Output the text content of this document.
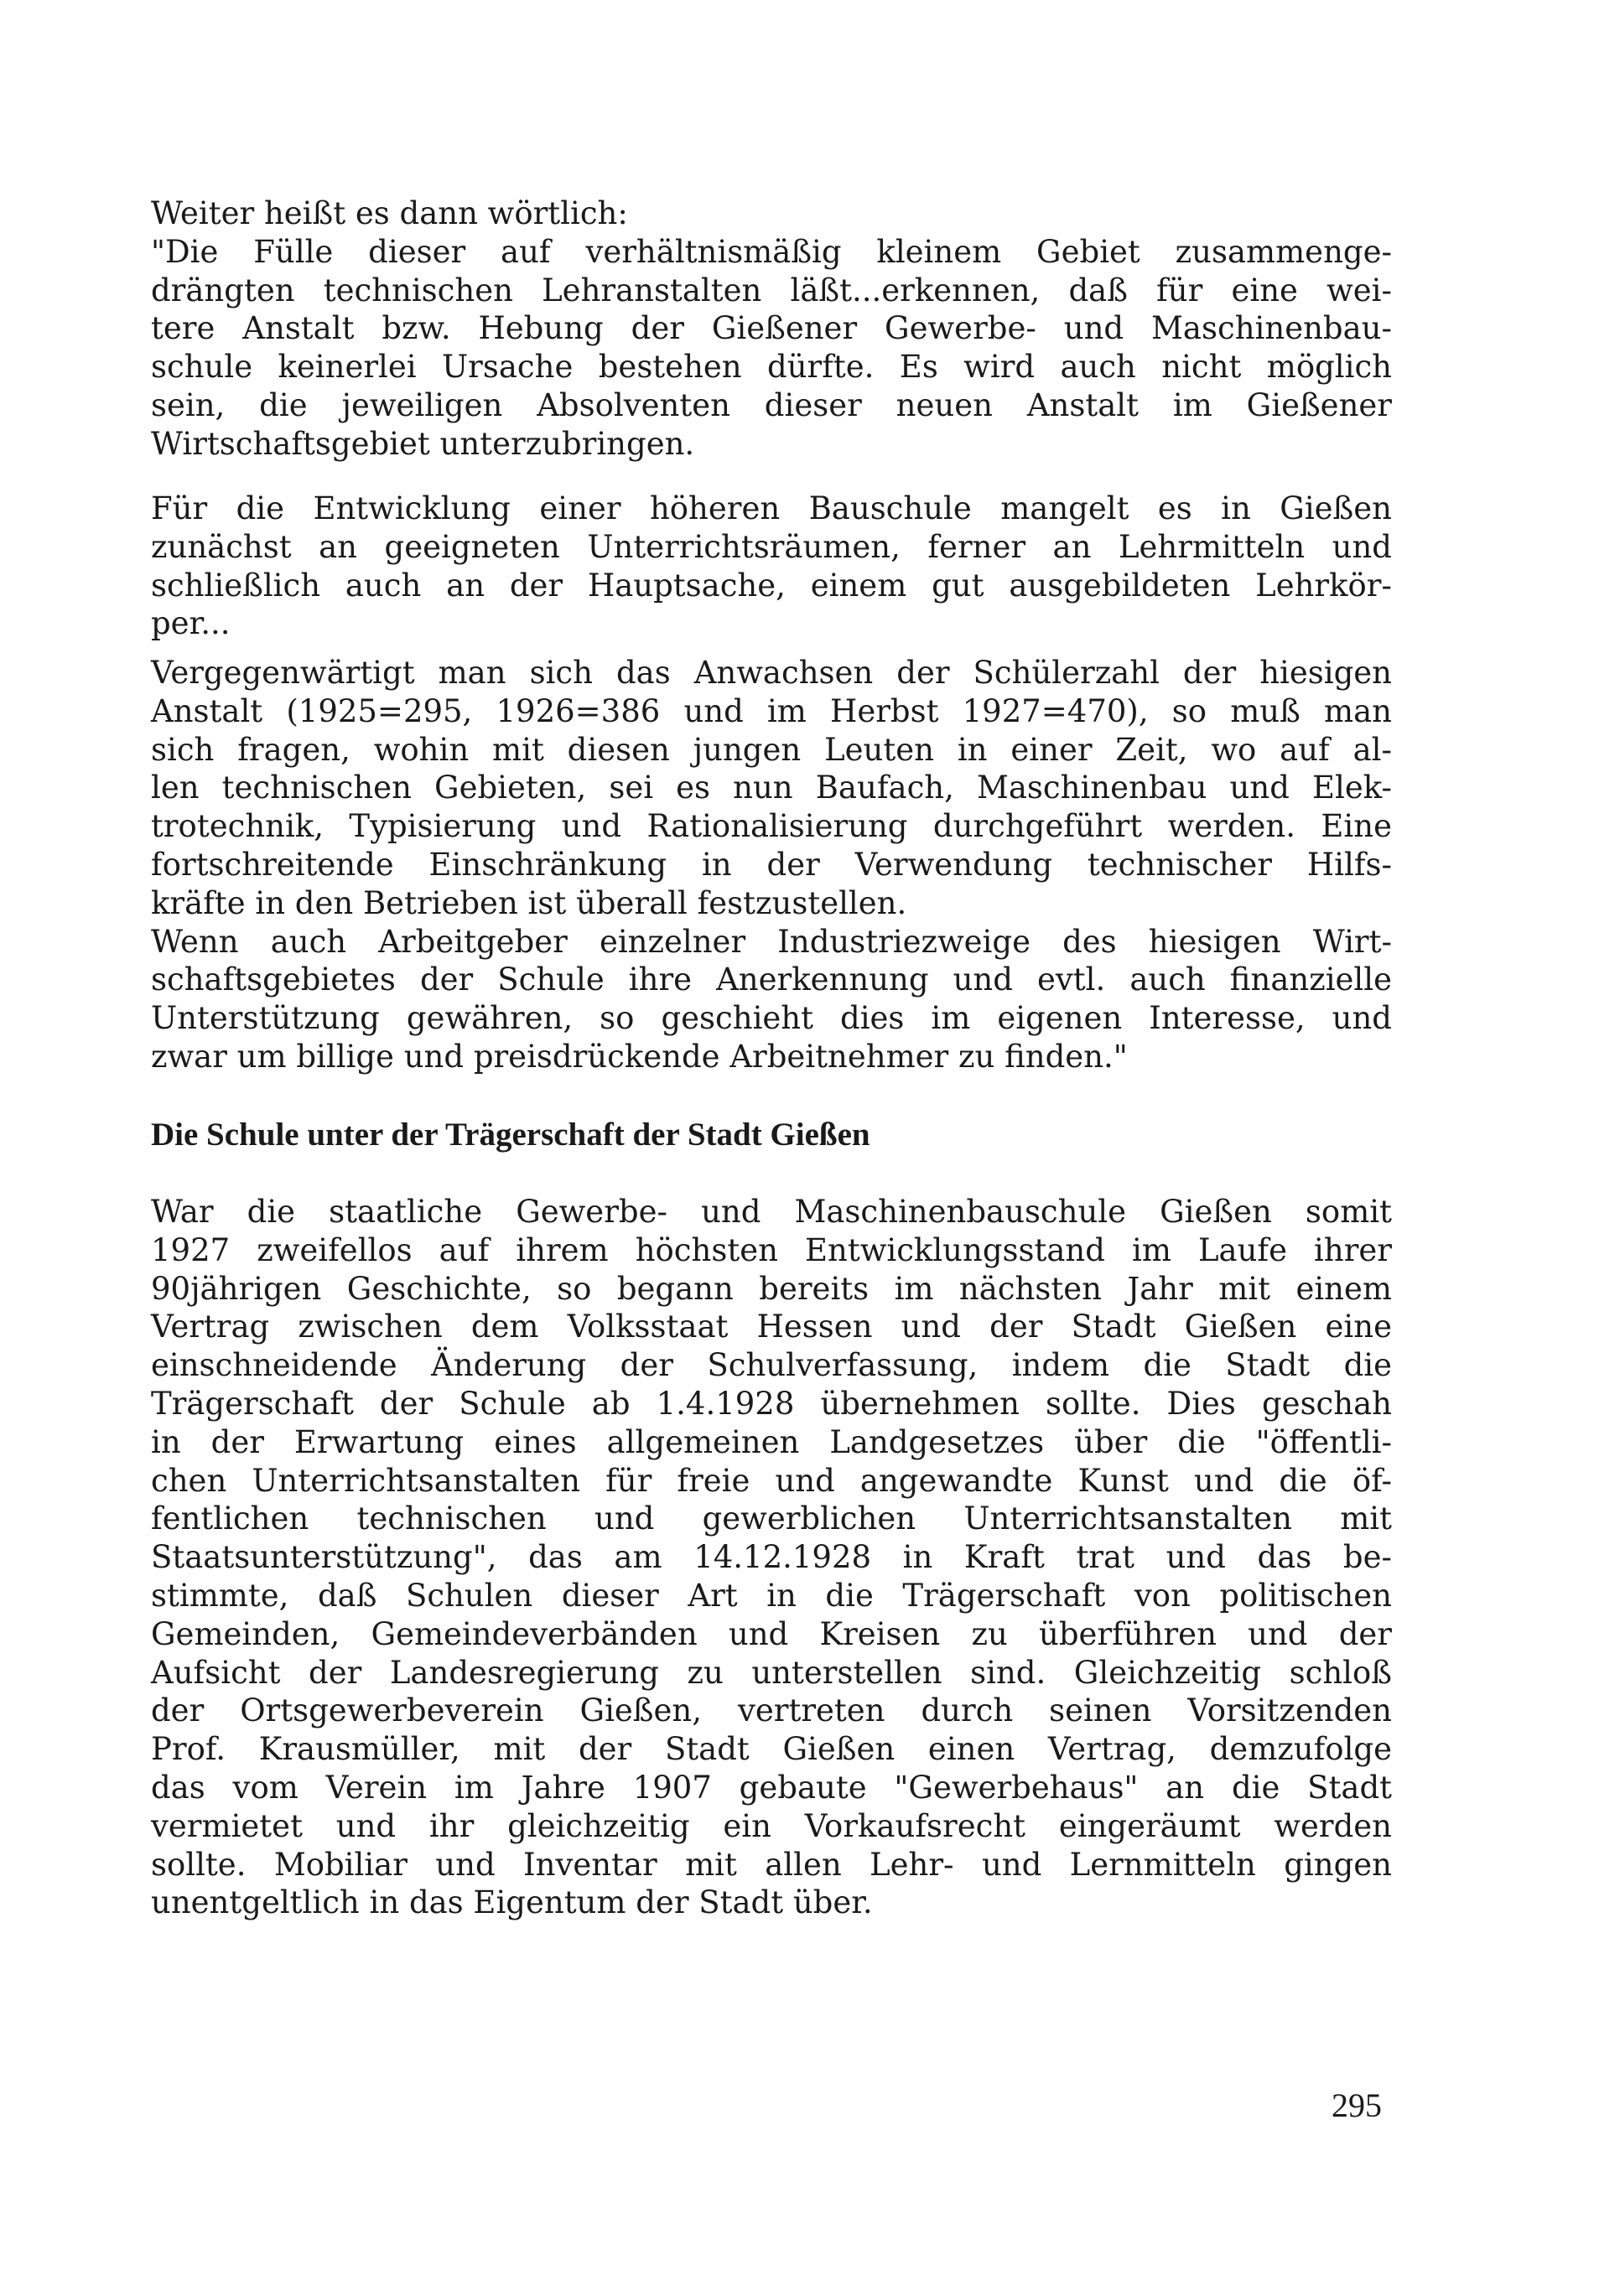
Weiter heißt es dann wörtlich:
"Die Fülle dieser auf verhältnismäßig kleinem Gebiet zusammenge-
drängten technischen Lehranstalten läßt...erkennen, daß für eine wei-
tere Anstalt bzw. Hebung der Gießener Gewerbe- und Maschinenbau-
schule keinerlei Ursache bestehen dürfte. Es wird auch nicht möglich
sein, die jeweiligen Absolventen dieser neuen Anstalt im Gießener
Wirtschaftsgebiet unterzubringen.
Für die Entwicklung einer höheren Bauschule mangelt es in Gießen
zunächst an geeigneten Unterrichtsräumen, ferner an Lehrmitteln und
schließlich auch an der Hauptsache, einem gut ausgebildeten Lehrkör-
per...
Vergegenwärtigt man sich das Anwachsen der Schülerzahl der hiesigen
Anstalt (1925=295, 1926=386 und im Herbst 1927=470), so muß man
sich fragen, wohin mit diesen jungen Leuten in einer Zeit, wo auf al-
len technischen Gebieten, sei es nun Baufach, Maschinenbau und Elek-
trotechnik, Typisierung und Rationalisierung durchgeführt werden. Eine
fortschreitende Einschränkung in der Verwendung technischer Hilfs-
kräfte in den Betrieben ist überall festzustellen.
Wenn auch Arbeitgeber einzelner Industriezweige des hiesigen Wirt-
schaftsgebietes der Schule ihre Anerkennung und evtl. auch finanzielle
Unterstützung gewähren, so geschieht dies im eigenen Interesse, und
zwar um billige und preisdrückende Arbeitnehmer zu finden."
Die Schule unter der Trägerschaft der Stadt Gießen
War die staatliche Gewerbe- und Maschinenbauschule Gießen somit
1927 zweifellos auf ihrem höchsten Entwicklungsstand im Laufe ihrer
90jährigen Geschichte, so begann bereits im nächsten Jahr mit einem
Vertrag zwischen dem Volksstaat Hessen und der Stadt Gießen eine
einschneidende Änderung der Schulverfassung, indem die Stadt die
Trägerschaft der Schule ab 1.4.1928 übernehmen sollte. Dies geschah
in der Erwartung eines allgemeinen Landgesetzes über die "öffentli-
chen Unterrichtsanstalten für freie und angewandte Kunst und die öf-
fentlichen technischen und gewerblichen Unterrichtsanstalten mit
Staatsunterstützung", das am 14.12.1928 in Kraft trat und das be-
stimmte, daß Schulen dieser Art in die Trägerschaft von politischen
Gemeinden, Gemeindeverbänden und Kreisen zu überführen und der
Aufsicht der Landesregierung zu unterstellen sind. Gleichzeitig schloß
der Ortsgewerbeverein Gießen, vertreten durch seinen Vorsitzenden
Prof. Krausmüller, mit der Stadt Gießen einen Vertrag, demzufolge
das vom Verein im Jahre 1907 gebaute "Gewerbehaus" an die Stadt
vermietet und ihr gleichzeitig ein Vorkaufsrecht eingeräumt werden
sollte. Mobiliar und Inventar mit allen Lehr- und Lernmitteln gingen
unentgeltlich in das Eigentum der Stadt über.
295
